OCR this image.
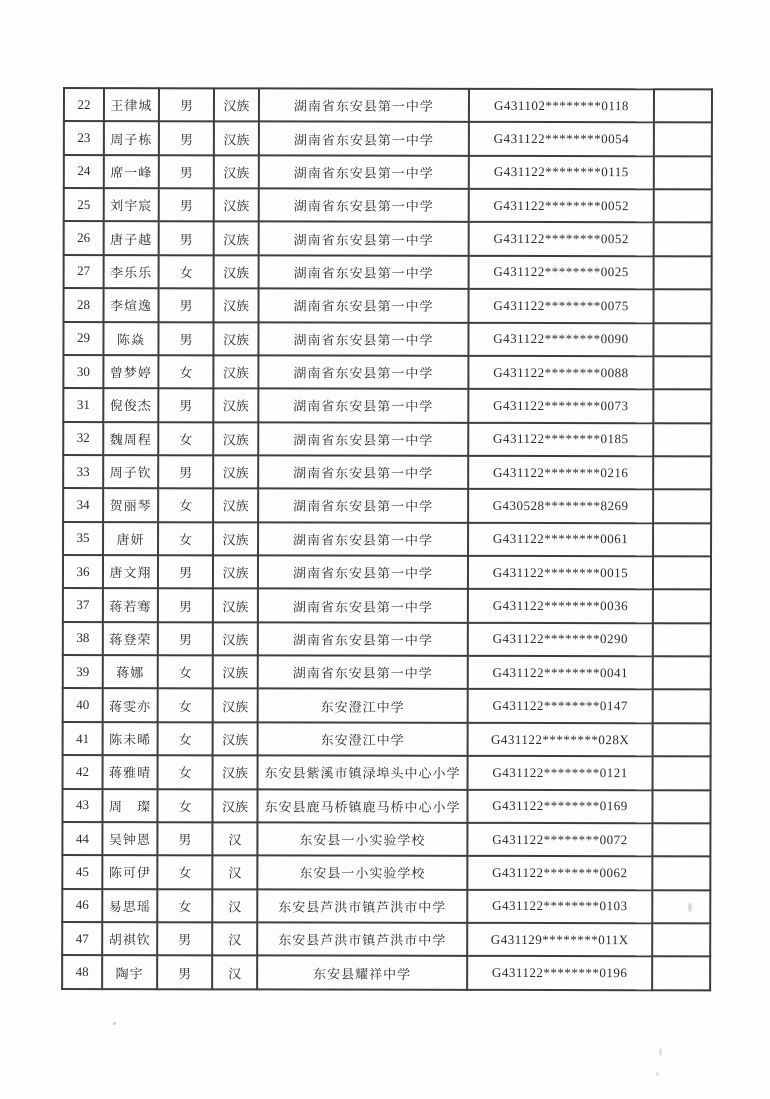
22	王律城	男	汉族	湖南省东安县第一中学	G431102********0118	
23	周子栋	男	汉族	湖南省东安县第一中学	G431122********0054	
24	席一峰	男	汉族	湖南省东安县第一中学	G431122********0115	
25	刘宇宸	男	汉族	湖南省东安县第一中学	G431122********0052	
26	唐子越	男	汉族	湖南省东安县第一中学	G431122********0052	
27	李乐乐	女	汉族	湖南省东安县第一中学	G431122********0025	
28	李煊逸	男	汉族	湖南省东安县第一中学	G431122********0075	
29	陈焱	男	汉族	湖南省东安县第一中学	G431122********0090	
30	曾梦婷	女	汉族	湖南省东安县第一中学	G431122********0088	
31	倪俊杰	男	汉族	湖南省东安县第一中学	G431122********0073	
32	魏周程	女	汉族	湖南省东安县第一中学	G431122********0185	
33	周子钦	男	汉族	湖南省东安县第一中学	G431122********0216	
34	贺丽琴	女	汉族	湖南省东安县第一中学	G430528********8269	
35	唐妍	女	汉族	湖南省东安县第一中学	G431122********0061	
36	唐文翔	男	汉族	湖南省东安县第一中学	G431122********0015	
37	蒋若骞	男	汉族	湖南省东安县第一中学	G431122********0036	
38	蒋登荣	男	汉族	湖南省东安县第一中学	G431122********0290	
39	蒋娜	女	汉族	湖南省东安县第一中学	G431122********0041	
40	蒋雯亦	女	汉族	东安澄江中学	G431122********0147	
41	陈未晞	女	汉族	东安澄江中学	G431122********028X	
42	蒋雅晴	女	汉族	东安县紫溪市镇渌埠头中心小学	G431122********0121	
43	周　璨	女	汉族	东安县鹿马桥镇鹿马桥中心小学	G431122********0169	
44	吴钟恩	男	汉	东安县一小实验学校	G431122********0072	
45	陈可伊	女	汉	东安县一小实验学校	G431122********0062	
46	易思瑶	女	汉	东安县芦洪市镇芦洪市中学	G431122********0103	
47	胡祺钦	男	汉	东安县芦洪市镇芦洪市中学	G431129********011X	
48	陶宇	男	汉	东安县耀祥中学	G431122********0196	
